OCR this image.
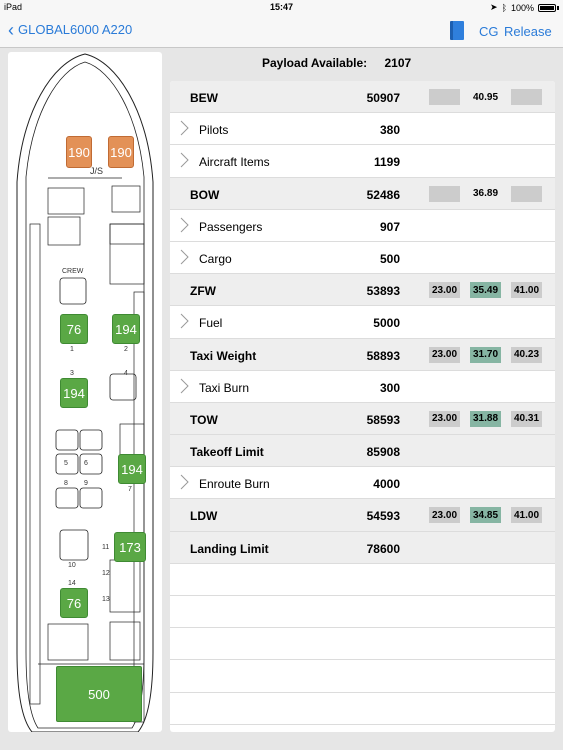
iPad	15:47	➤ ᛒ 100%
‹ GLOBAL6000 A220	CG Release
Payload Available: 2107
190 190
J/S
CREW
76
1
194
2
3
194
4
5 6	194
7
8 9
10
11 173
12
13
14
76
500
BEW	50907	40.95
Pilots	380
Aircraft Items	1199
BOW	52486	36.89
Passengers	907
Cargo	500
ZFW	53893	23.00 35.49 41.00
Fuel	5000
Taxi Weight	58893	23.00 31.70 40.23
Taxi Burn	300
TOW	58593	23.00 31.88 40.31
Takeoff Limit	85908
Enroute Burn	4000
LDW	54593	23.00 34.85 41.00
Landing Limit	78600
